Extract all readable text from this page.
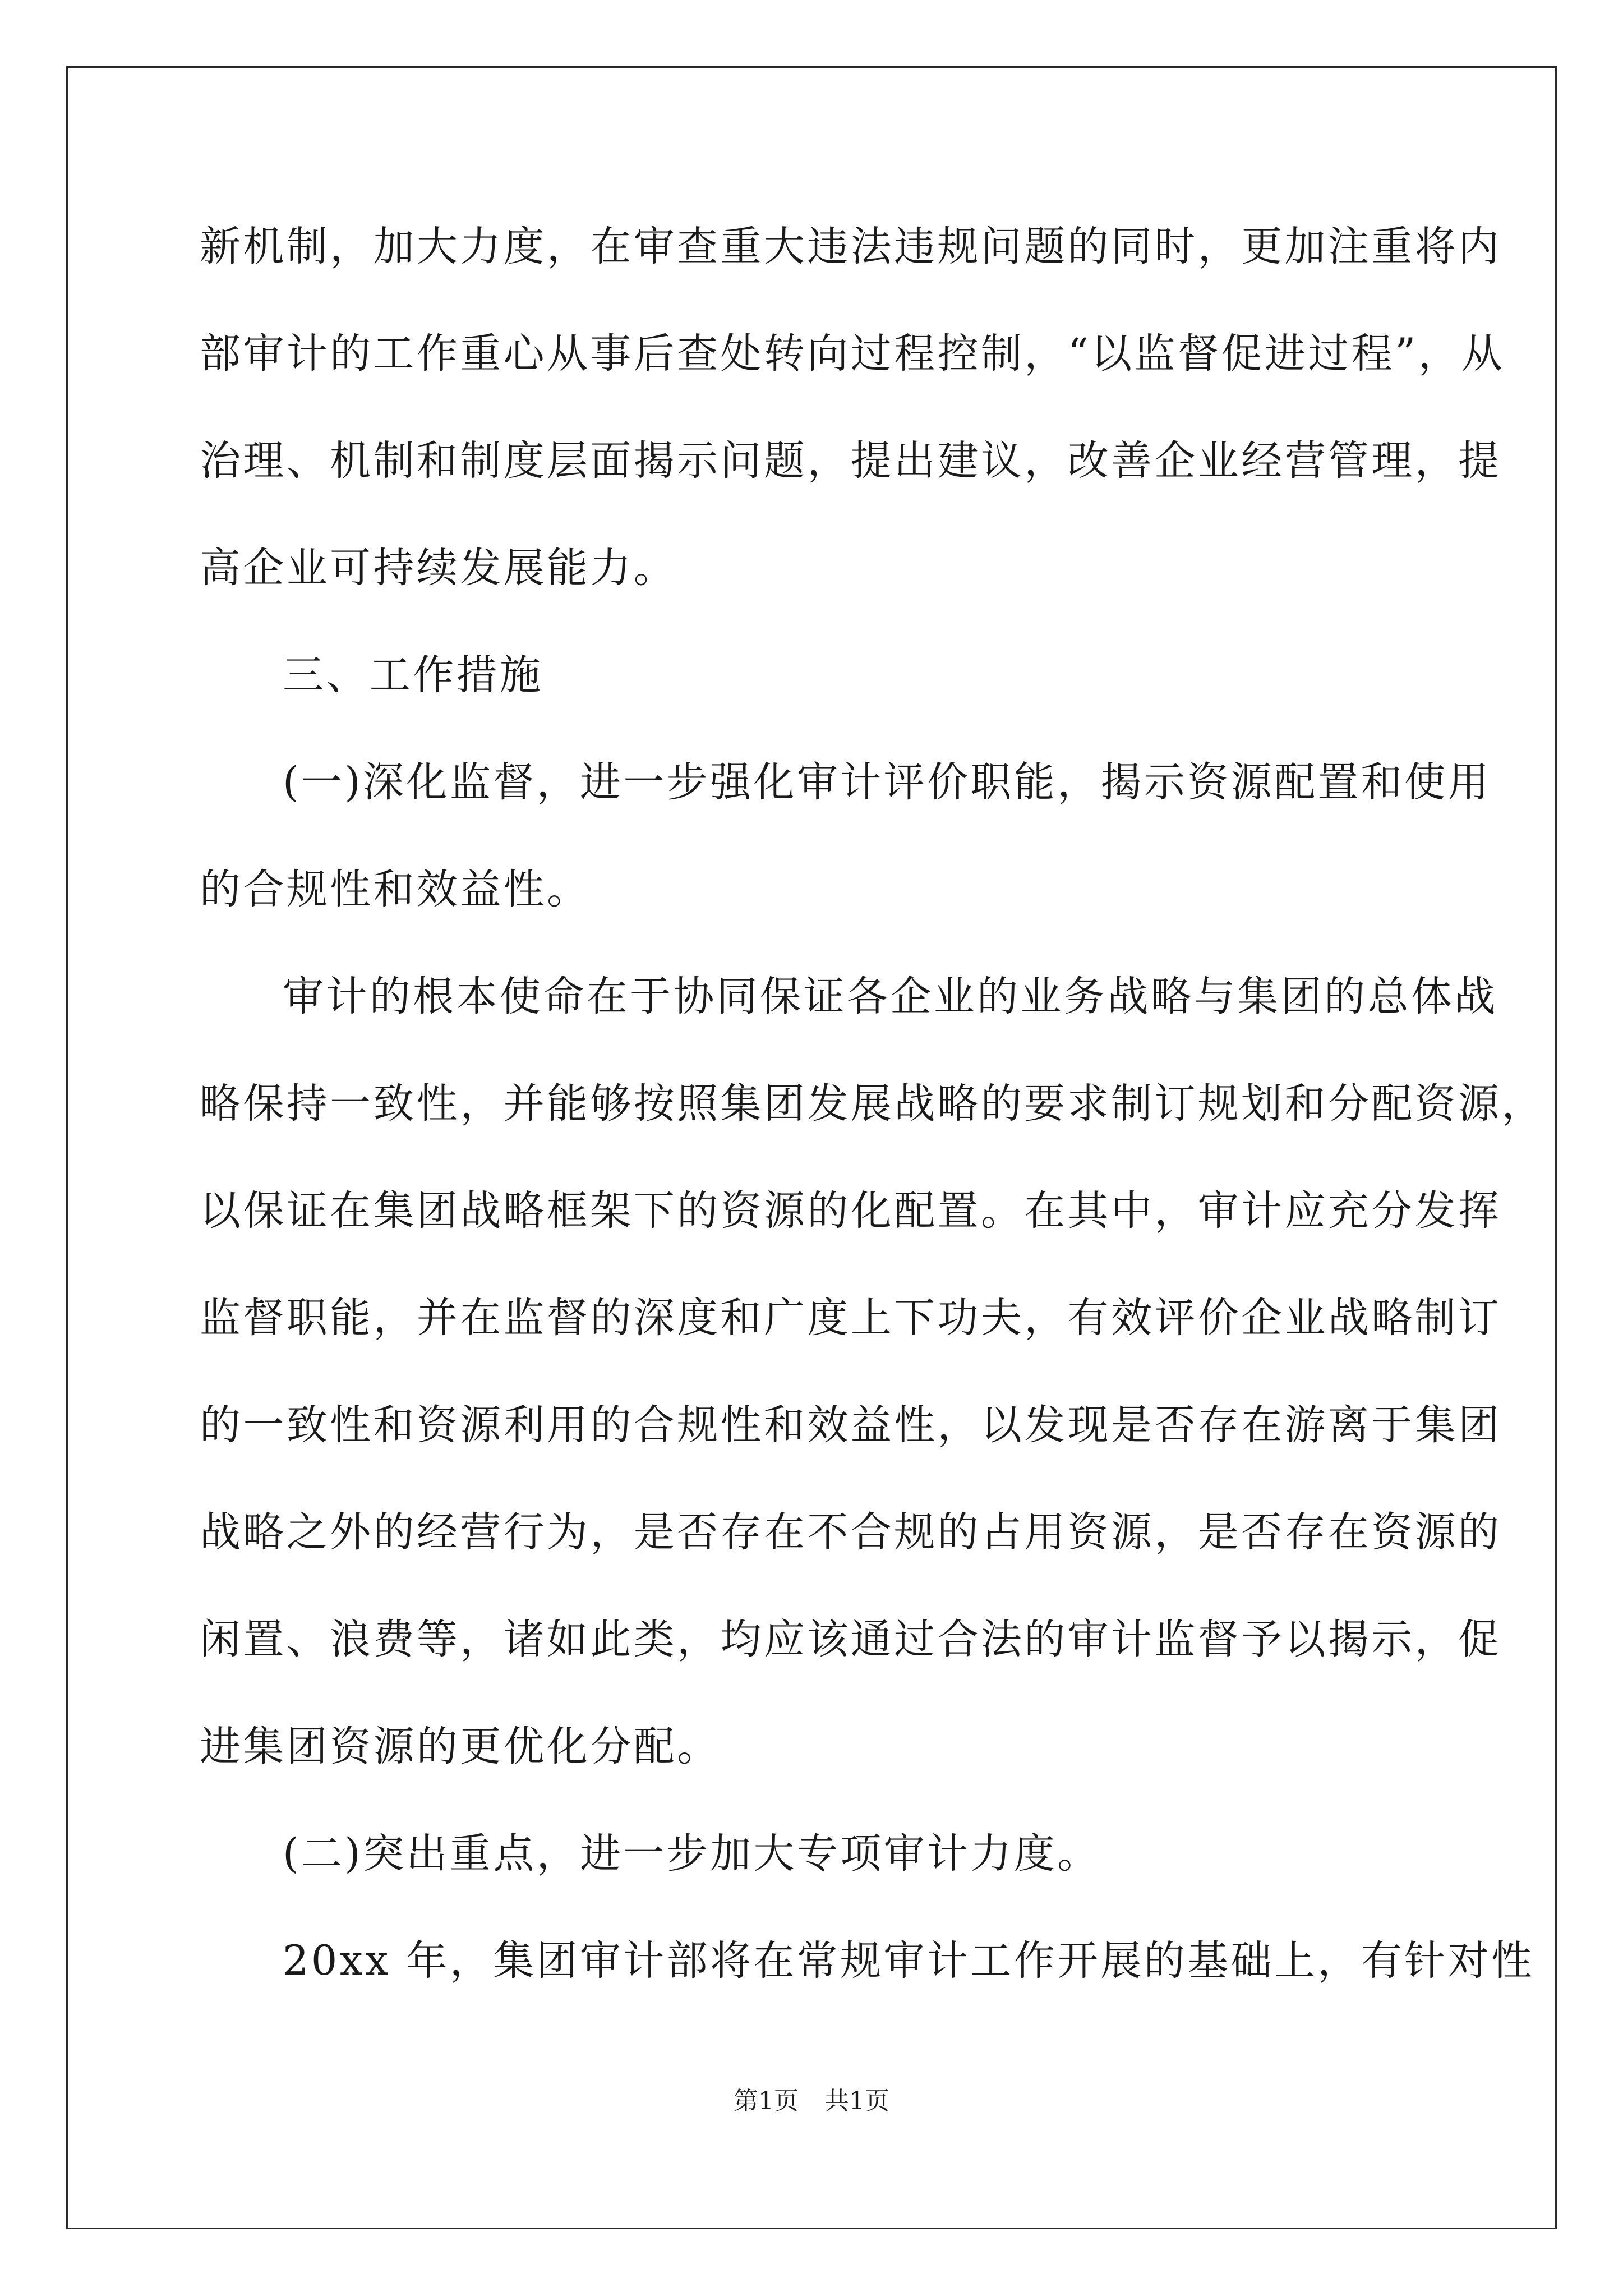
新机制，加大力度，在审查重大违法违规问题的同时，更加注重将内
部审计的工作重心从事后查处转向过程控制，“以监督促进过程”，从
治理、机制和制度层面揭示问题，提出建议，改善企业经营管理，提
高企业可持续发展能力。
三、工作措施
(一)深化监督，进一步强化审计评价职能，揭示资源配置和使用
的合规性和效益性。
审计的根本使命在于协同保证各企业的业务战略与集团的总体战
略保持一致性，并能够按照集团发展战略的要求制订规划和分配资源，
以保证在集团战略框架下的资源的化配置。在其中，审计应充分发挥
监督职能，并在监督的深度和广度上下功夫，有效评价企业战略制订
的一致性和资源利用的合规性和效益性，以发现是否存在游离于集团
战略之外的经营行为，是否存在不合规的占用资源，是否存在资源的
闲置、浪费等，诸如此类，均应该通过合法的审计监督予以揭示，促
进集团资源的更优化分配。
(二)突出重点，进一步加大专项审计力度。
20xx 年，集团审计部将在常规审计工作开展的基础上，有针对性
第1页 共1页
